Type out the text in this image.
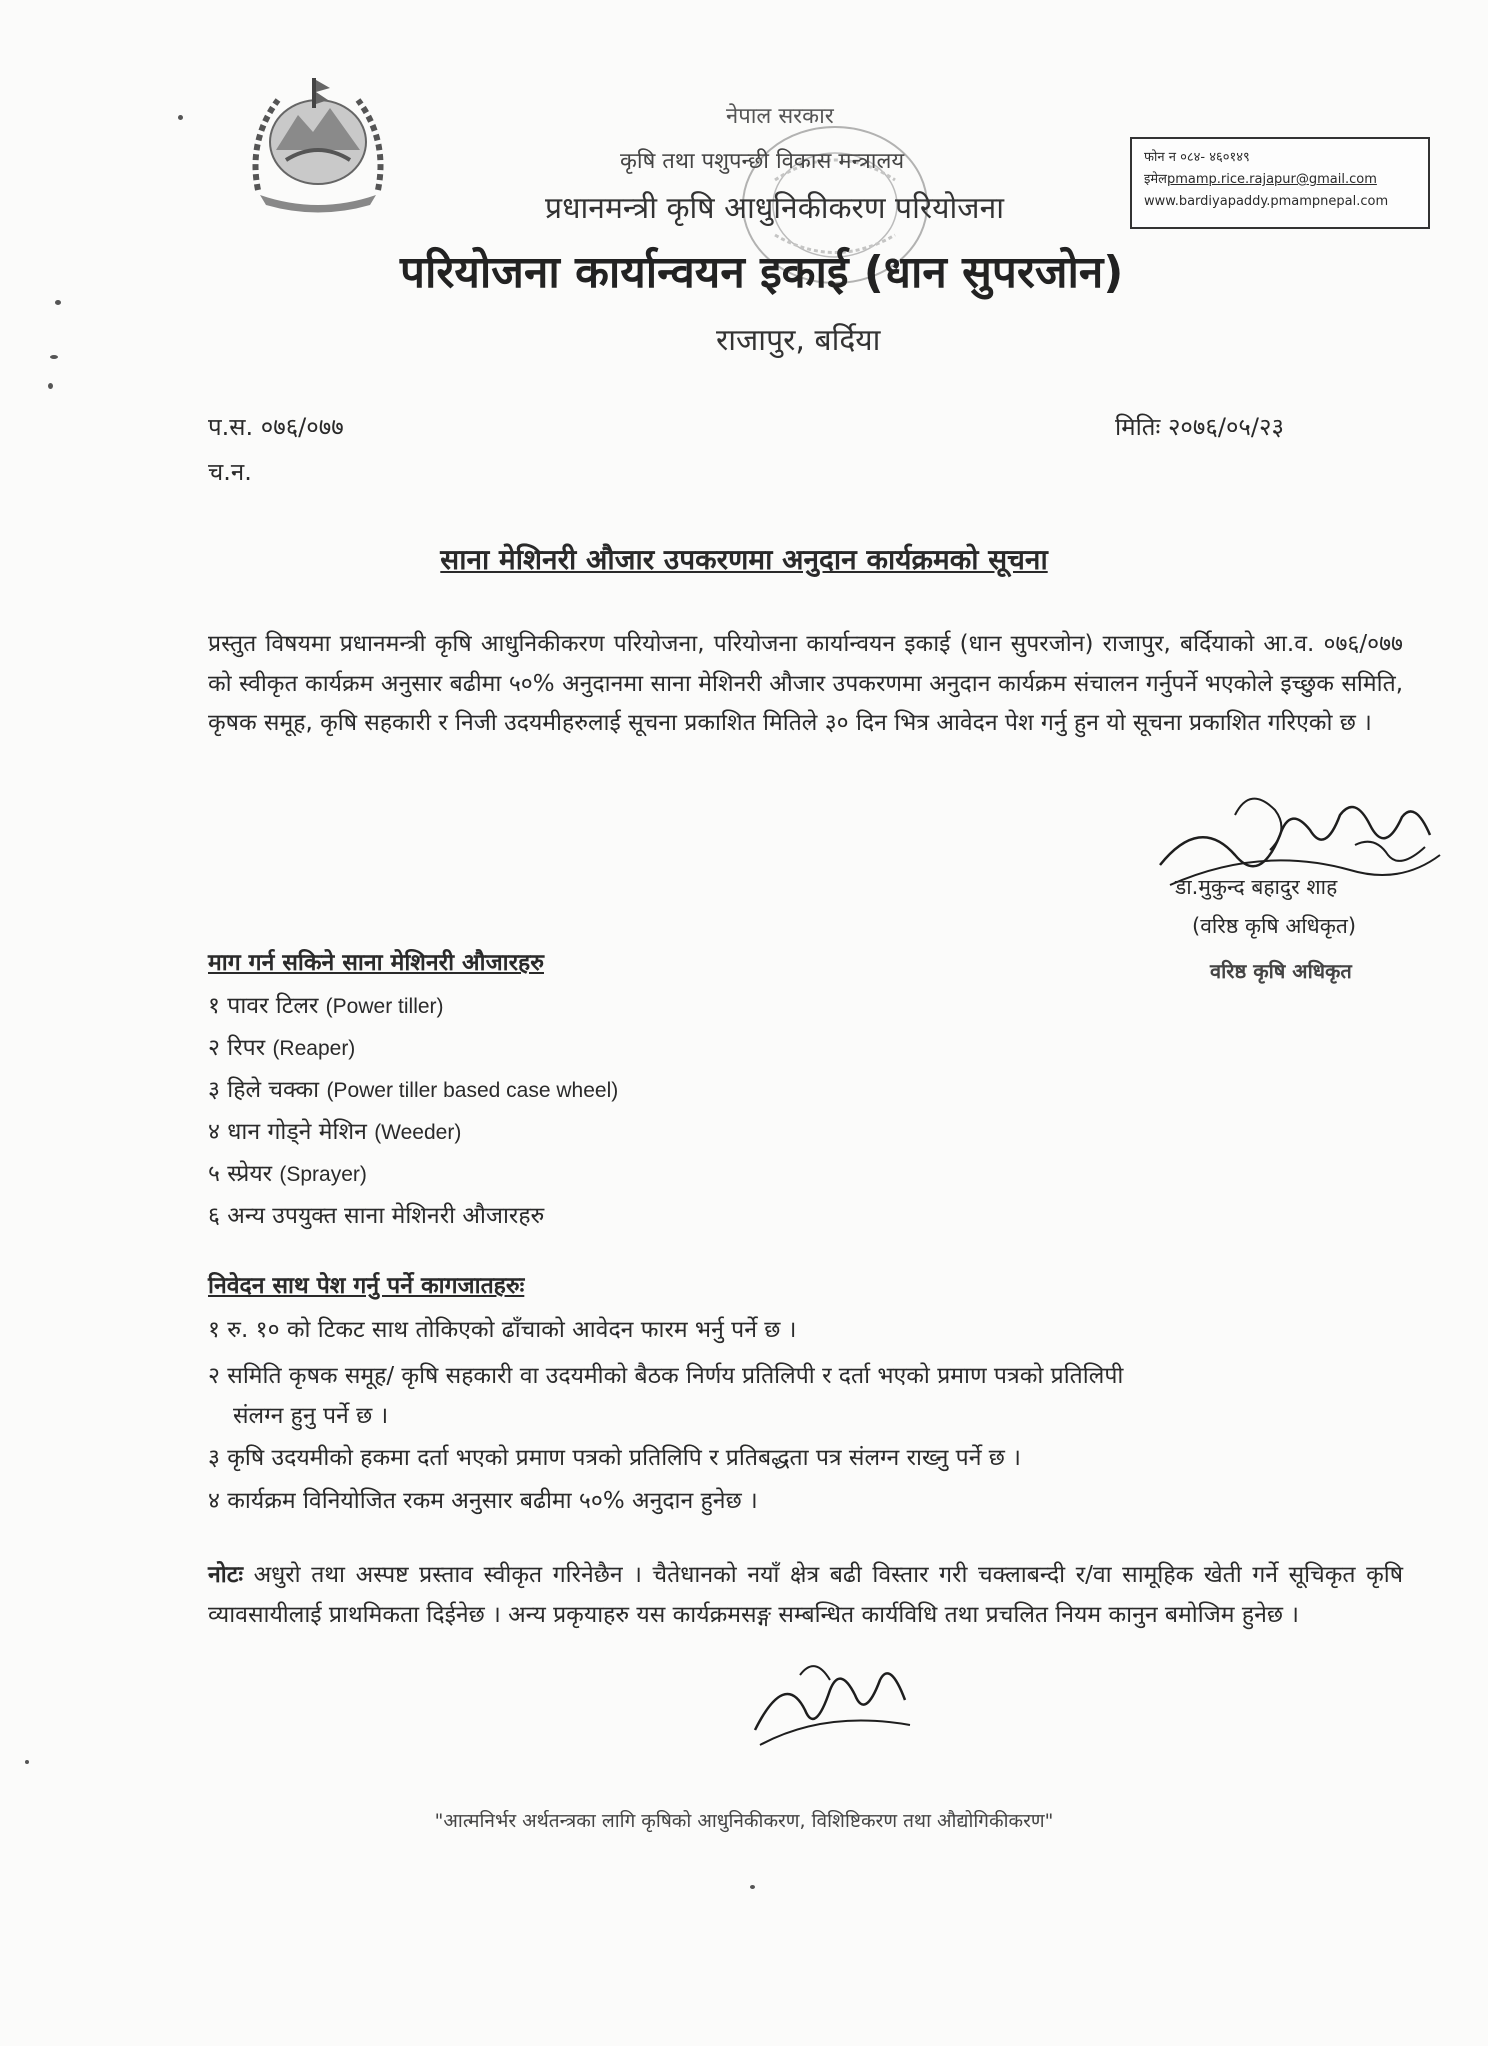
नेपाल सरकार
कृषि तथा पशुपन्छी विकास मन्त्रालय
प्रधानमन्त्री कृषि आधुनिकीकरण परियोजना
परियोजना कार्यान्वयन इकाई (धान सुपरजोन)
राजापुर, बर्दिया
फोन न ०८४- ४६०१४९
इमेलpmamp.rice.rajapur@gmail.com
www.bardiyapaddy.pmampnepal.com
प.स. ०७६/०७७
च.न.
मितिः २०७६/०५/२३
साना मेशिनरी औजार उपकरणमा अनुदान कार्यक्रमको सूचना
प्रस्तुत विषयमा प्रधानमन्त्री कृषि आधुनिकीकरण परियोजना, परियोजना कार्यान्वयन इकाई (धान सुपरजोन) राजापुर, बर्दियाको आ.व. ०७६/०७७ को स्वीकृत कार्यक्रम अनुसार बढीमा ५०% अनुदानमा साना मेशिनरी औजार उपकरणमा अनुदान कार्यक्रम संचालन गर्नुपर्ने भएकोले इच्छुक समिति, कृषक समूह, कृषि सहकारी र निजी उदयमीहरुलाई सूचना प्रकाशित मितिले ३० दिन भित्र आवेदन पेश गर्नु हुन यो सूचना प्रकाशित गरिएको छ ।
डा.मुकुन्द बहादुर शाह
(वरिष्ठ कृषि अधिकृत)
वरिष्ठ कृषि अधिकृत
माग गर्न सकिने साना मेशिनरी औजारहरु
१ पावर टिलर (Power tiller)
२ रिपर (Reaper)
३ हिले चक्का (Power tiller based case wheel)
४ धान गोड्ने मेशिन (Weeder)
५ स्प्रेयर (Sprayer)
६ अन्य उपयुक्त साना मेशिनरी औजारहरु
निवेदन साथ पेश गर्नु पर्ने कागजातहरुः
१ रु. १० को टिकट साथ तोकिएको ढाँचाको आवेदन फारम भर्नु पर्ने छ ।
२ समिति कृषक समूह/ कृषि सहकारी वा उदयमीको बैठक निर्णय प्रतिलिपी र दर्ता भएको प्रमाण पत्रको प्रतिलिपी
संलग्न हुनु पर्ने छ ।
३ कृषि उदयमीको हकमा दर्ता भएको प्रमाण पत्रको प्रतिलिपि र प्रतिबद्धता पत्र संलग्न राख्नु पर्ने छ ।
४ कार्यक्रम विनियोजित रकम अनुसार बढीमा ५०% अनुदान हुनेछ ।
नोटः अधुरो तथा अस्पष्ट प्रस्ताव स्वीकृत गरिनेछैन । चैतेधानको नयाँ क्षेत्र बढी विस्तार गरी चक्लाबन्दी र/वा सामूहिक खेती गर्ने सूचिकृत कृषि व्यावसायीलाई प्राथमिकता दिईनेछ । अन्य प्रकृयाहरु यस कार्यक्रमसङ्ग सम्बन्धित कार्यविधि तथा प्रचलित नियम कानुन बमोजिम हुनेछ ।
"आत्मनिर्भर अर्थतन्त्रका लागि कृषिको आधुनिकीकरण, विशिष्टिकरण तथा औद्योगिकीकरण"
